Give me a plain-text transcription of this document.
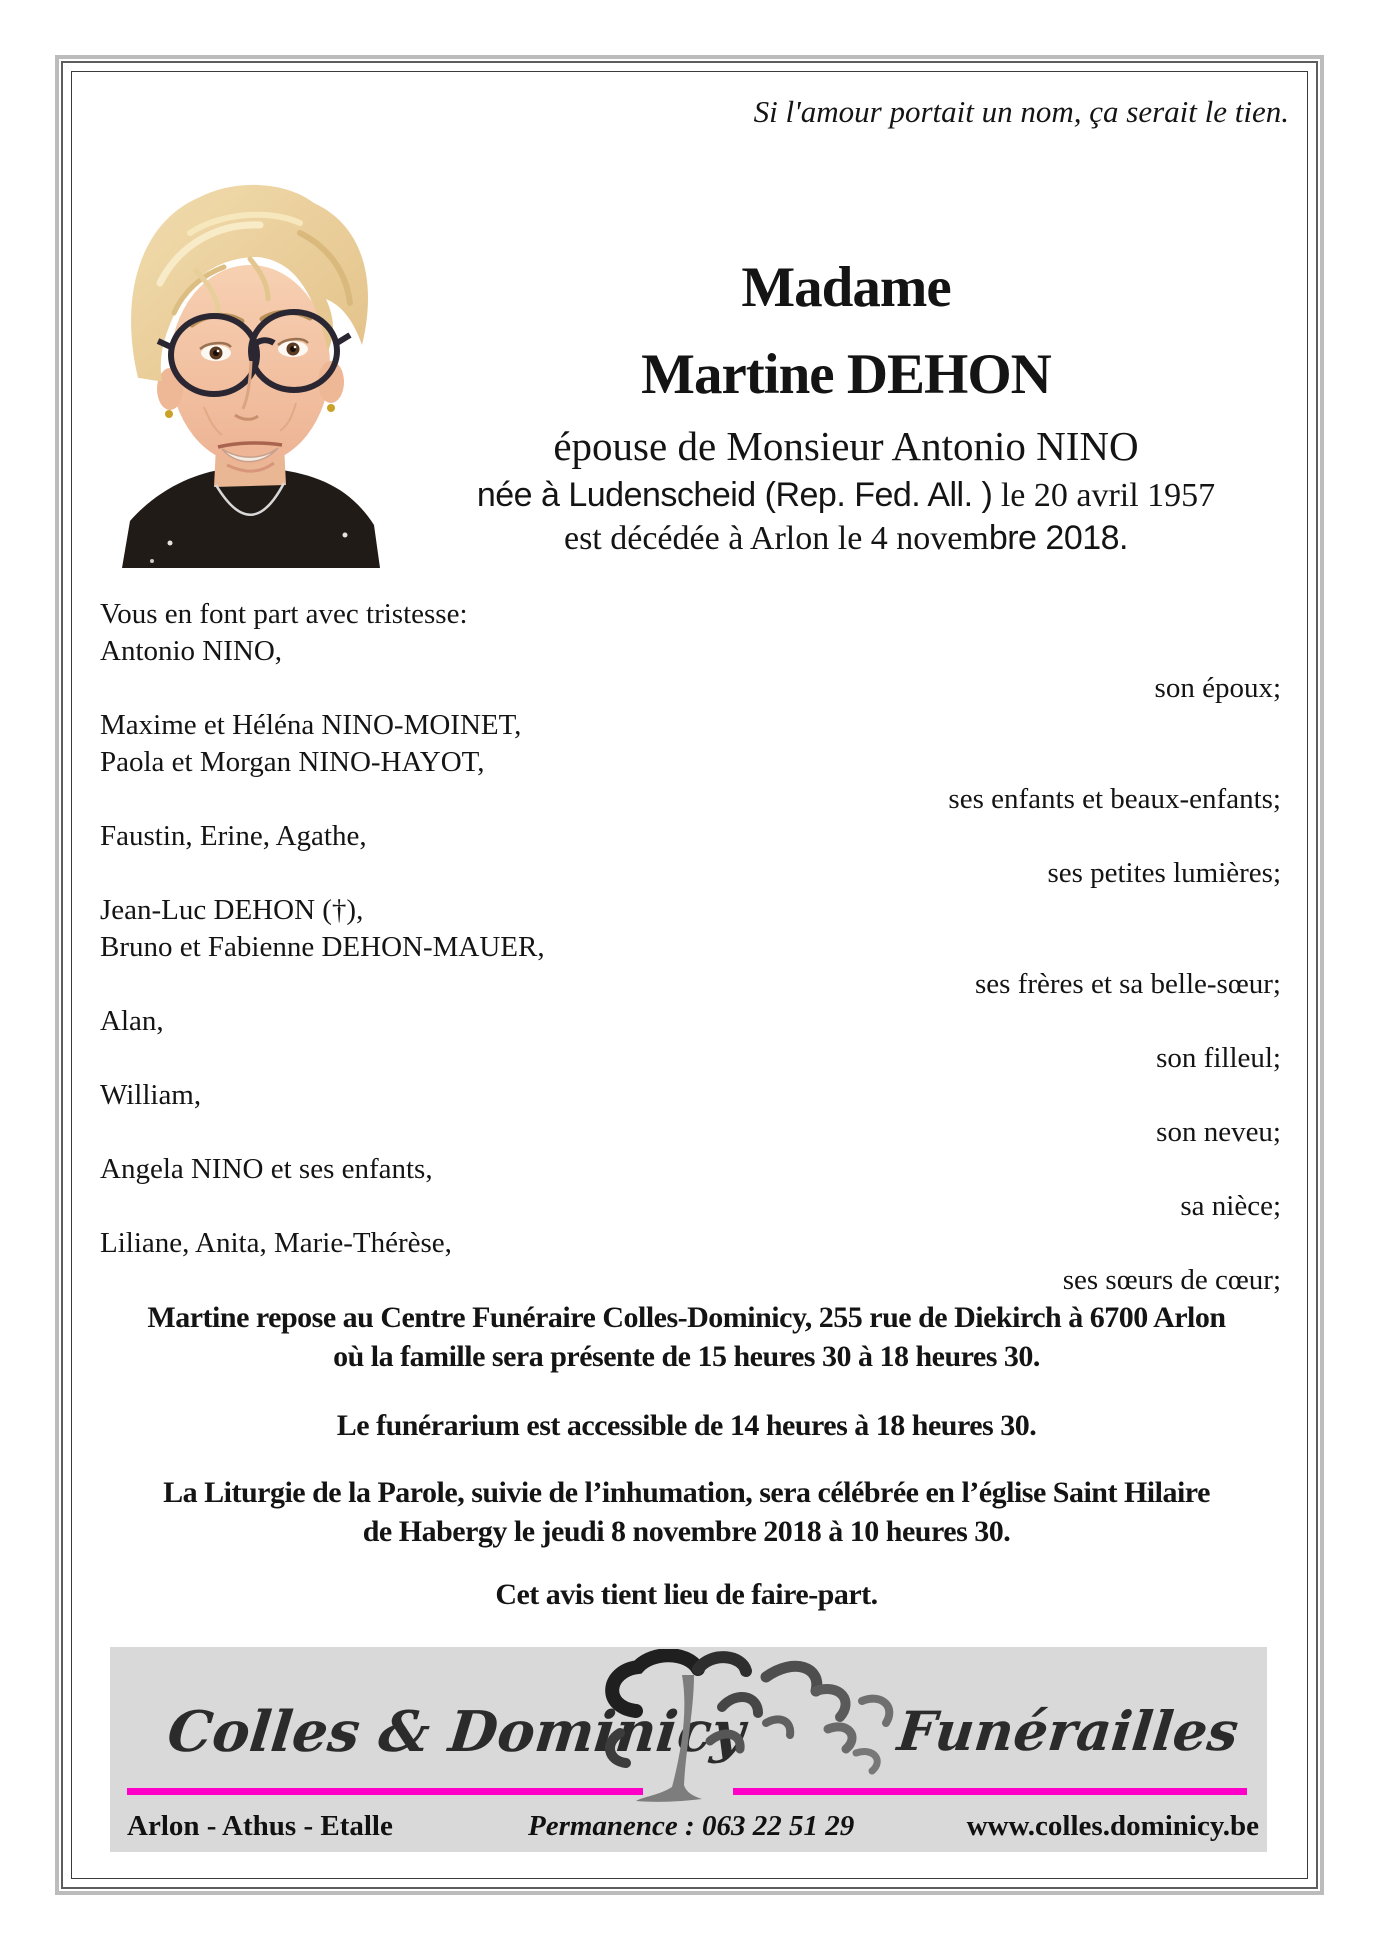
Si l'amour portait un nom, ça serait le tien.
Madame
Martine DEHON
épouse de Monsieur Antonio NINO
née à Ludenscheid (Rep. Fed. All. ) le 20 avril 1957
est décédée à Arlon le 4 novembre 2018.
Vous en font part avec tristesse:
Antonio NINO,
son époux;
Maxime et Héléna NINO-MOINET,
Paola et Morgan NINO-HAYOT,
ses enfants et beaux-enfants;
Faustin, Erine, Agathe,
ses petites lumières;
Jean-Luc DEHON (†),
Bruno et Fabienne DEHON-MAUER,
ses frères et sa belle-sœur;
Alan,
son filleul;
William,
son neveu;
Angela NINO et ses enfants,
sa nièce;
Liliane, Anita, Marie-Thérèse,
ses sœurs de cœur;
Martine repose au Centre Funéraire Colles-Dominicy, 255 rue de Diekirch à 6700 Arlon
où la famille sera présente de 15 heures 30 à 18 heures 30.
Le funérarium est accessible de 14 heures à 18 heures 30.
La Liturgie de la Parole, suivie de l’inhumation, sera célébrée en l’église Saint Hilaire
de Habergy le jeudi 8 novembre 2018 à 10 heures 30.
Cet avis tient lieu de faire-part.
Colles & Dominicy	Funérailles
Arlon - Athus - Etalle	Permanence : 063 22 51 29	www.colles.dominicy.be
